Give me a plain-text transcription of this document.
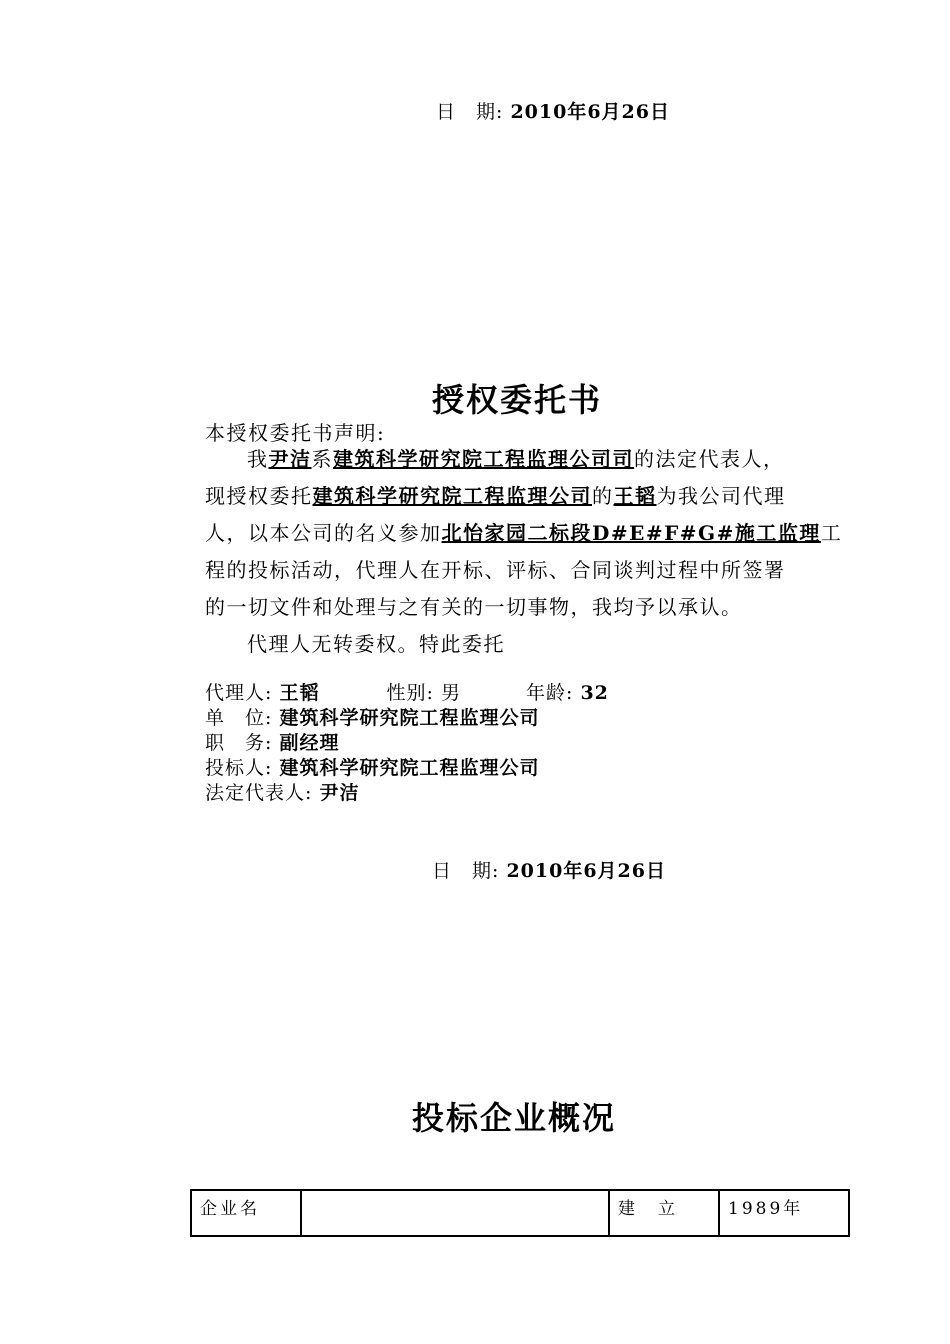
日　期: 2010年6月26日
授权委托书
本授权委托书声明:
我尹洁系建筑科学研究院工程监理公司司的法定代表人，
现授权委托建筑科学研究院工程监理公司的王韬为我公司代理
人，以本公司的名义参加北怡家园二标段D#E#F#G#施工监理工
程的投标活动，代理人在开标、评标、合同谈判过程中所签署
的一切文件和处理与之有关的一切事物，我均予以承认。
代理人无转委权。特此委托
代理人: 王韬	性别: 男	年龄: 32
单　位: 建筑科学研究院工程监理公司
职　务: 副经理
投标人: 建筑科学研究院工程监理公司
法定代表人: 尹洁
日　期: 2010年6月26日
投标企业概况
企业名		建　立	1989年
